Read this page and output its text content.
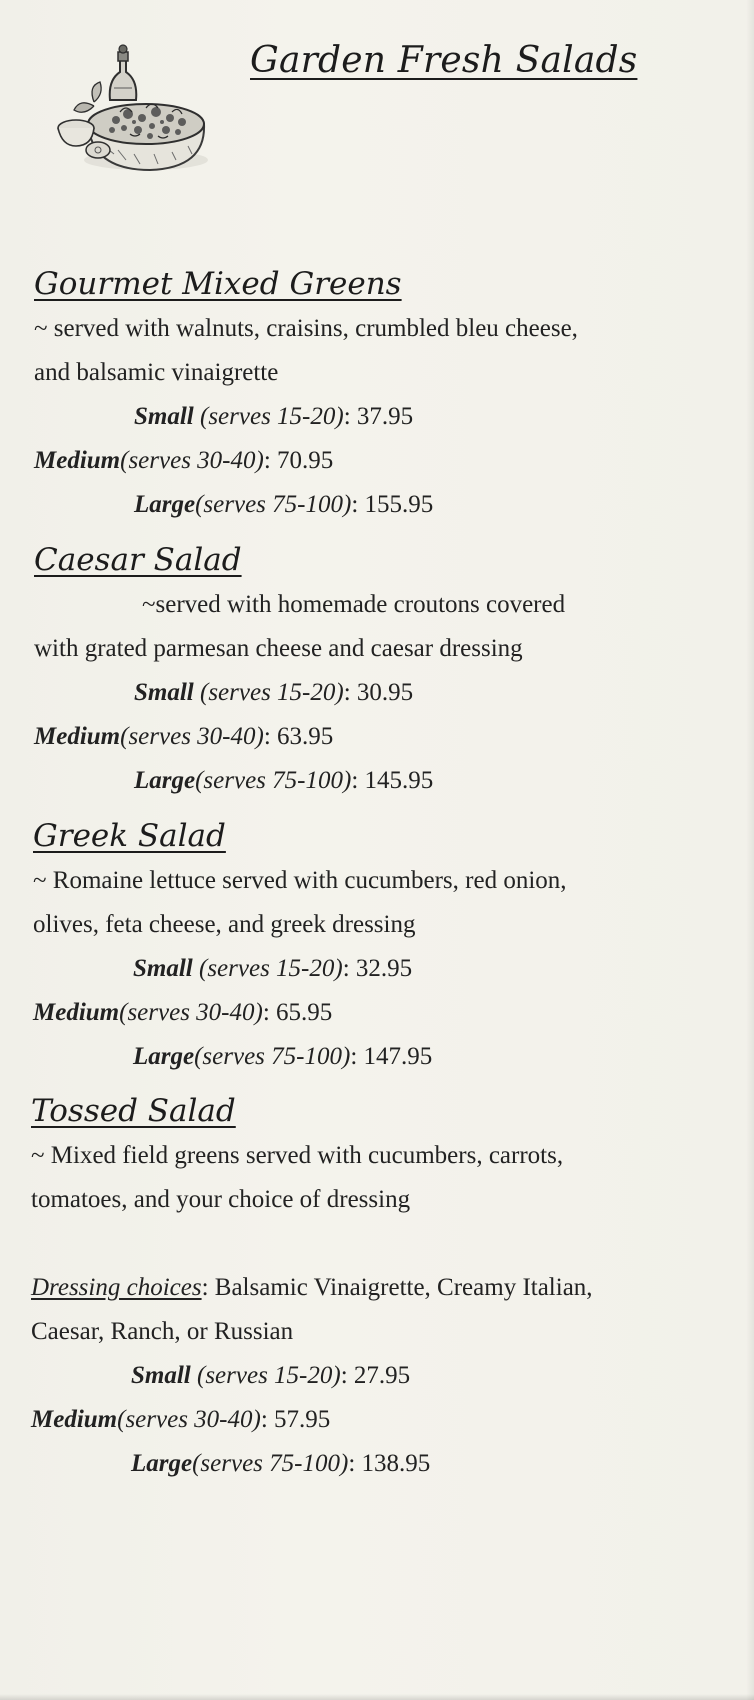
Garden Fresh Salads
Gourmet Mixed Greens
~ served with walnuts, craisins, crumbled bleu cheese,
and balsamic vinaigrette
Small (serves 15-20): 37.95
Medium(serves 30-40): 70.95
Large(serves 75-100): 155.95
Caesar Salad
~served with homemade croutons covered
with grated parmesan cheese and caesar dressing
Small (serves 15-20): 30.95
Medium(serves 30-40): 63.95
Large(serves 75-100): 145.95
Greek Salad
~ Romaine lettuce served with cucumbers, red onion,
olives, feta cheese, and greek dressing
Small (serves 15-20): 32.95
Medium(serves 30-40): 65.95
Large(serves 75-100): 147.95
Tossed Salad
~ Mixed field greens served with cucumbers, carrots,
tomatoes, and your choice of dressing
Dressing choices: Balsamic Vinaigrette, Creamy Italian,
Caesar, Ranch, or Russian
Small (serves 15-20): 27.95
Medium(serves 30-40): 57.95
Large(serves 75-100): 138.95
